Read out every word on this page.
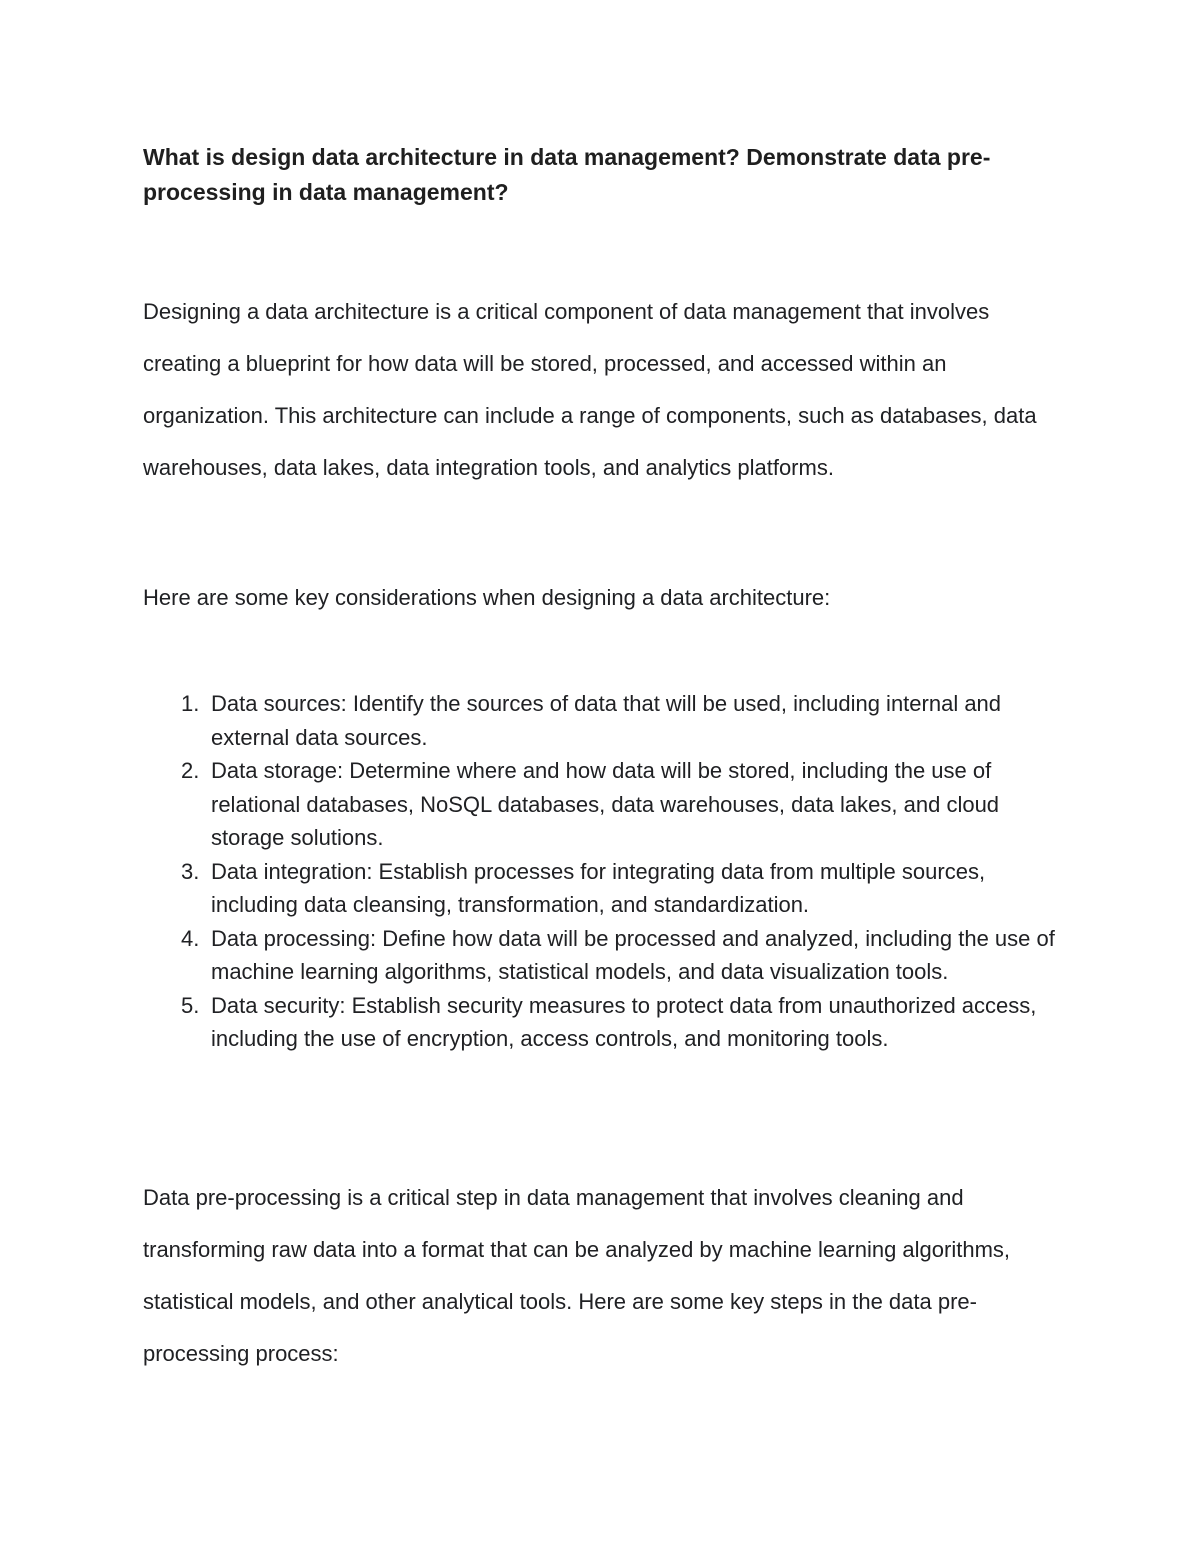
What is design data architecture in data management? Demonstrate data pre-processing in data management?

Designing a data architecture is a critical component of data management that involves creating a blueprint for how data will be stored, processed, and accessed within an organization. This architecture can include a range of components, such as databases, data warehouses, data lakes, data integration tools, and analytics platforms.

Here are some key considerations when designing a data architecture:

1. Data sources: Identify the sources of data that will be used, including internal and external data sources.
2. Data storage: Determine where and how data will be stored, including the use of relational databases, NoSQL databases, data warehouses, data lakes, and cloud storage solutions.
3. Data integration: Establish processes for integrating data from multiple sources, including data cleansing, transformation, and standardization.
4. Data processing: Define how data will be processed and analyzed, including the use of machine learning algorithms, statistical models, and data visualization tools.
5. Data security: Establish security measures to protect data from unauthorized access, including the use of encryption, access controls, and monitoring tools.

Data pre-processing is a critical step in data management that involves cleaning and transforming raw data into a format that can be analyzed by machine learning algorithms, statistical models, and other analytical tools. Here are some key steps in the data pre-processing process:
